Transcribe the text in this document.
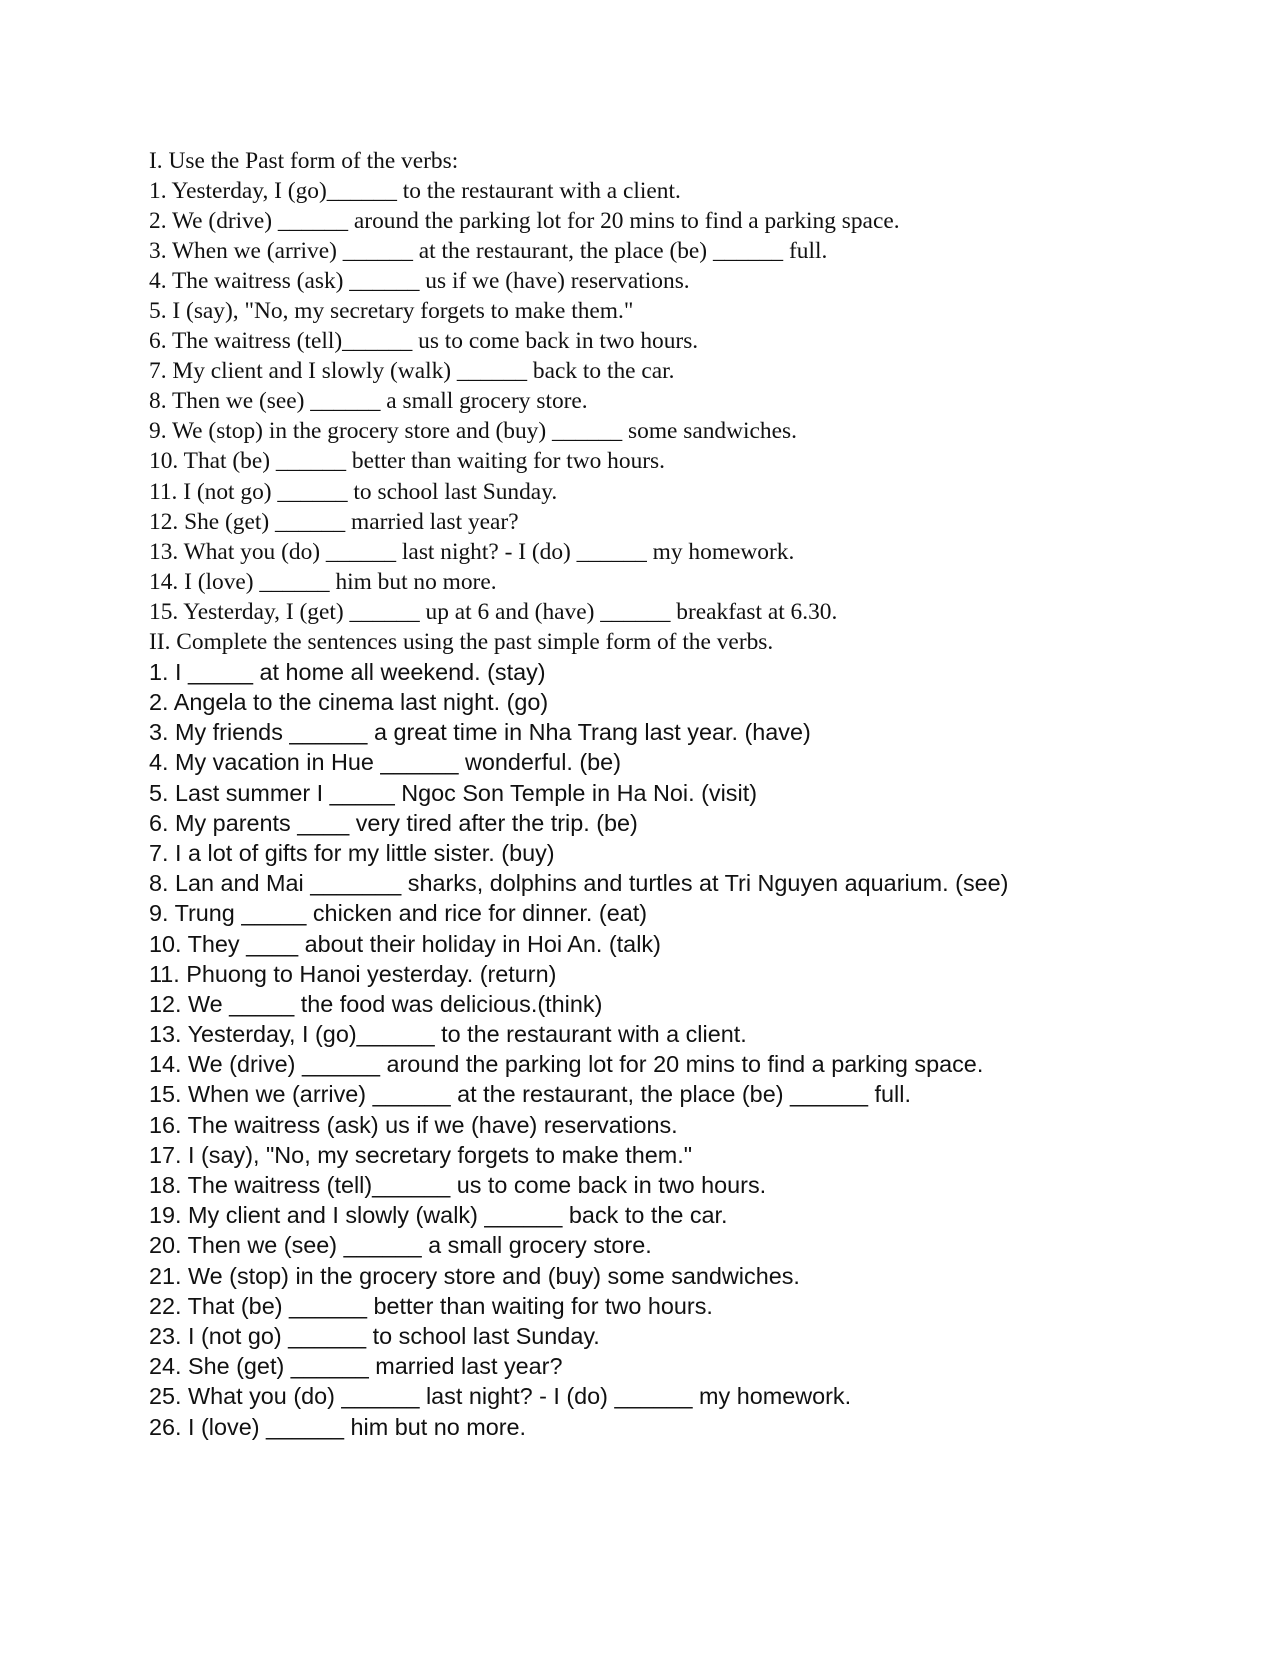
I. Use the Past form of the verbs:
1. Yesterday, I (go)______ to the restaurant with a client.
2. We (drive) ______ around the parking lot for 20 mins to find a parking space.
3. When we (arrive) ______ at the restaurant, the place (be) ______ full.
4. The waitress (ask) ______ us if we (have) reservations.
5. I (say), "No, my secretary forgets to make them."
6. The waitress (tell)______ us to come back in two hours.
7. My client and I slowly (walk) ______ back to the car.
8. Then we (see) ______ a small grocery store.
9. We (stop) in the grocery store and (buy) ______ some sandwiches.
10. That (be) ______ better than waiting for two hours.
11. I (not go) ______ to school last Sunday.
12. She (get) ______ married last year?
13. What you (do) ______ last night? - I (do) ______ my homework.
14. I (love) ______ him but no more.
15. Yesterday, I (get) ______ up at 6 and (have) ______ breakfast at 6.30.
II. Complete the sentences using the past simple form of the verbs.
1. I _____ at home all weekend. (stay)
2. Angela to the cinema last night. (go)
3. My friends ______ a great time in Nha Trang last year. (have)
4. My vacation in Hue ______ wonderful. (be)
5. Last summer I _____ Ngoc Son Temple in Ha Noi. (visit)
6. My parents ____ very tired after the trip. (be)
7. I a lot of gifts for my little sister. (buy)
8. Lan and Mai _______ sharks, dolphins and turtles at Tri Nguyen aquarium. (see)
9. Trung _____ chicken and rice for dinner. (eat)
10. They ____ about their holiday in Hoi An. (talk)
11. Phuong to Hanoi yesterday. (return)
12. We _____ the food was delicious.(think)
13. Yesterday, I (go)______ to the restaurant with a client.
14. We (drive) ______ around the parking lot for 20 mins to find a parking space.
15. When we (arrive) ______ at the restaurant, the place (be) ______ full.
16. The waitress (ask) us if we (have) reservations.
17. I (say), "No, my secretary forgets to make them."
18. The waitress (tell)______ us to come back in two hours.
19. My client and I slowly (walk) ______ back to the car.
20. Then we (see) ______ a small grocery store.
21. We (stop) in the grocery store and (buy) some sandwiches.
22. That (be) ______ better than waiting for two hours.
23. I (not go) ______ to school last Sunday.
24. She (get) ______ married last year?
25. What you (do) ______ last night? - I (do) ______ my homework.
26. I (love) ______ him but no more.
